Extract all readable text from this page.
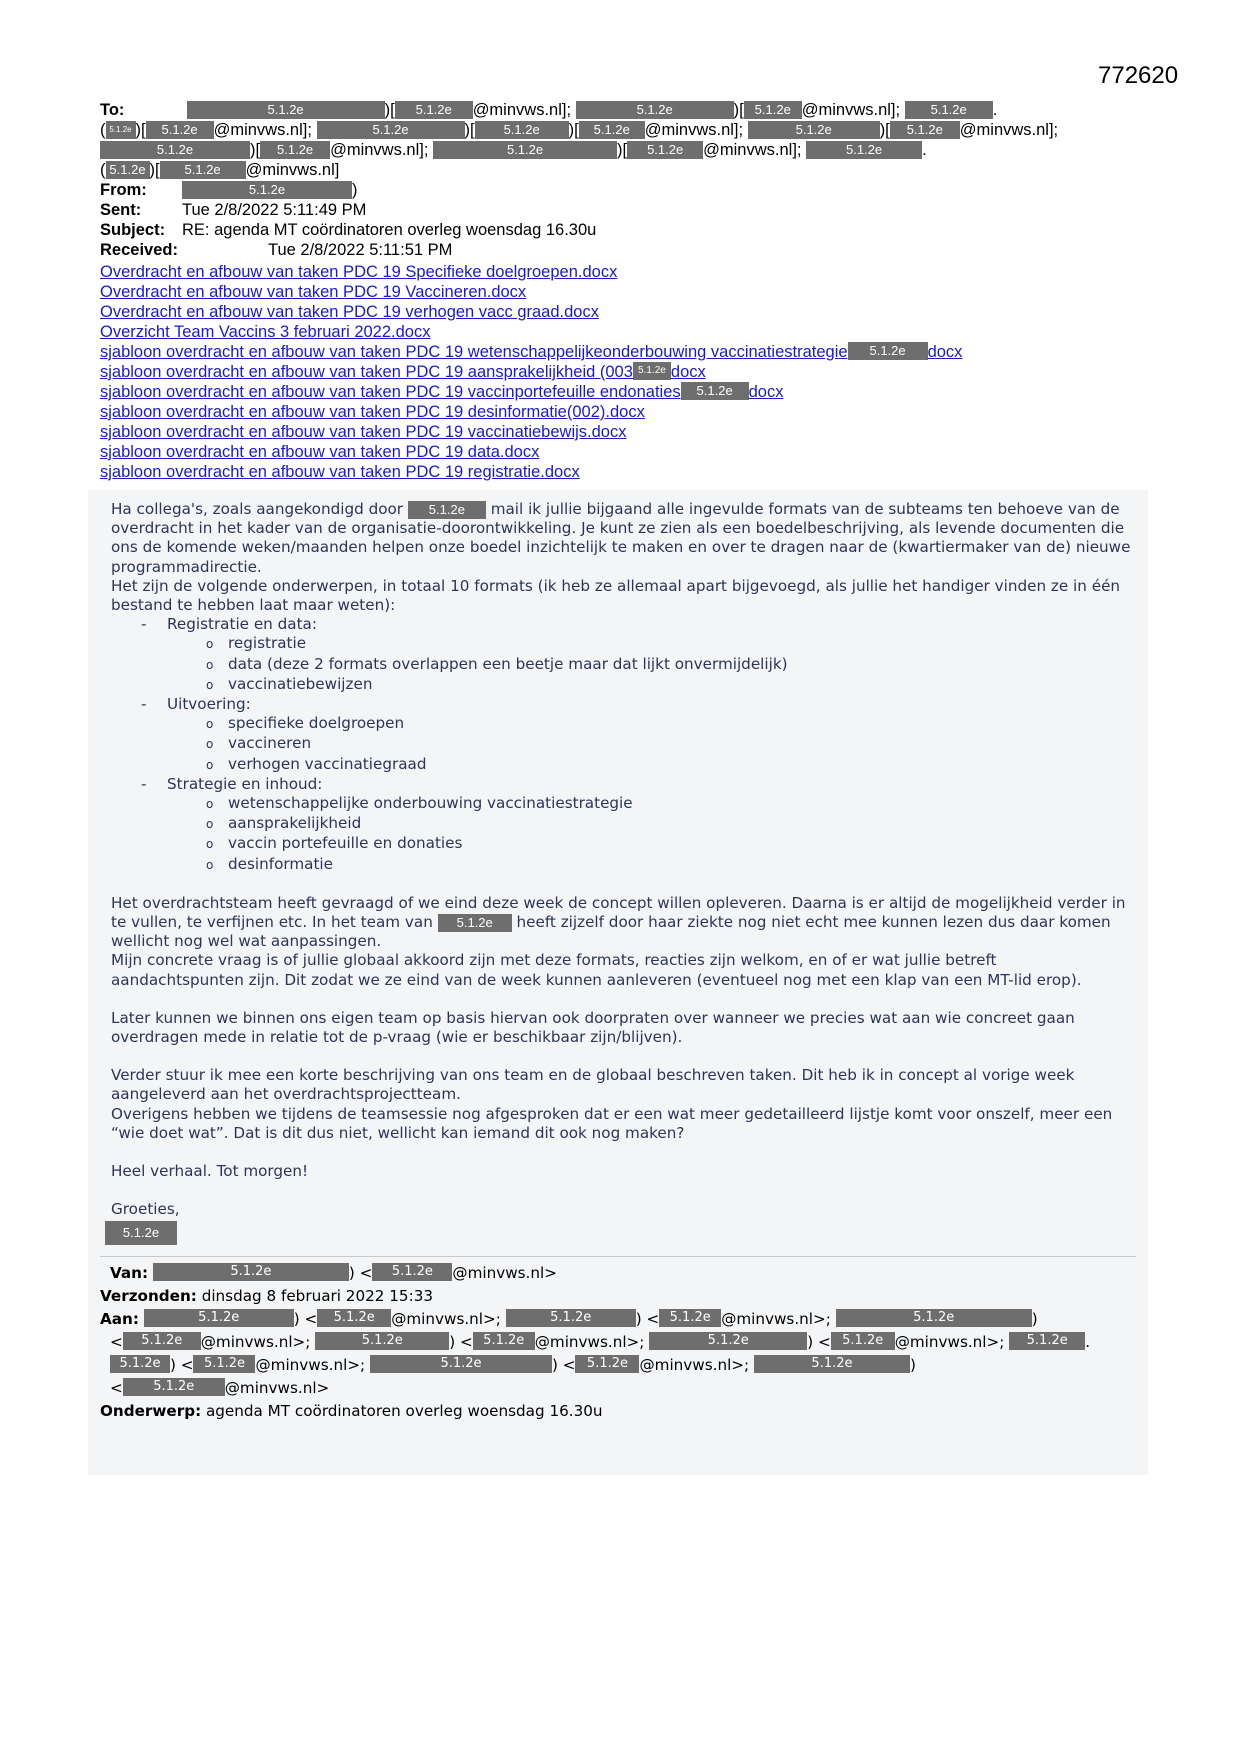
772620
To:	5.1.2e	)[ 5.1.2e @minvws.nl];	5.1.2e	)[ 5.1.2e @minvws.nl]; 5.1.2e .
( 5.1.2e )[ 5.1.2e @minvws.nl];	5.1.2e	)[ 5.1.2e )[ 5.1.2e @minvws.nl];	5.1.2e	)[ 5.1.2e @minvws.nl];
5.1.2e	)[ 5.1.2e @minvws.nl];	5.1.2e	)[ 5.1.2e @minvws.nl];	5.1.2e .
( 5.1.2e )[ 5.1.2e @minvws.nl]
From:	5.1.2e	)
Sent: Tue 2/8/2022 5:11:49 PM
Subject: RE: agenda MT coördinatoren overleg woensdag 16.30u
Received:	Tue 2/8/2022 5:11:51 PM
Overdracht en afbouw van taken PDC 19 Specifieke doelgroepen.docx
Overdracht en afbouw van taken PDC 19 Vaccineren.docx
Overdracht en afbouw van taken PDC 19 verhogen vacc graad.docx
Overzicht Team Vaccins 3 februari 2022.docx
sjabloon overdracht en afbouw van taken PDC 19 wetenschappelijkeonderbouwing vaccinatiestrategie 5.1.2e docx
sjabloon overdracht en afbouw van taken PDC 19 aansprakelijkheid (003 5.1.2e docx
sjabloon overdracht en afbouw van taken PDC 19 vaccinportefeuille endonaties 5.1.2e docx
sjabloon overdracht en afbouw van taken PDC 19 desinformatie(002).docx
sjabloon overdracht en afbouw van taken PDC 19 vaccinatiebewijs.docx
sjabloon overdracht en afbouw van taken PDC 19 data.docx
sjabloon overdracht en afbouw van taken PDC 19 registratie.docx

Ha collega's, zoals aangekondigd door 5.1.2e mail ik jullie bijgaand alle ingevulde formats van de subteams ten behoeve van de overdracht in het kader van de organisatie-doorontwikkeling. Je kunt ze zien als een boedelbeschrijving, als levende documenten die ons de komende weken/maanden helpen onze boedel inzichtelijk te maken en over te dragen naar de (kwartiermaker van de) nieuwe programmadirectie.

Het zijn de volgende onderwerpen, in totaal 10 formats (ik heb ze allemaal apart bijgevoegd, als jullie het handiger vinden ze in één bestand te hebben laat maar weten):

- Registratie en data:
o registratie
o data (deze 2 formats overlappen een beetje maar dat lijkt onvermijdelijk)
o vaccinatiebewijzen
- Uitvoering:
o specifieke doelgroepen
o vaccineren
o verhogen vaccinatiegraad
- Strategie en inhoud:
o wetenschappelijke onderbouwing vaccinatiestrategie
o aansprakelijkheid
o vaccin portefeuille en donaties
o desinformatie

Het overdrachtsteam heeft gevraagd of we eind deze week de concept willen opleveren. Daarna is er altijd de mogelijkheid verder in te vullen, te verfijnen etc. In het team van 5.1.2e heeft zijzelf door haar ziekte nog niet echt mee kunnen lezen dus daar komen wellicht nog wel wat aanpassingen.

Mijn concrete vraag is of jullie globaal akkoord zijn met deze formats, reacties zijn welkom, en of er wat jullie betreft aandachtspunten zijn. Dit zodat we ze eind van de week kunnen aanleveren (eventueel nog met een klap van een MT-lid erop).

Later kunnen we binnen ons eigen team op basis hiervan ook doorpraten over wanneer we precies wat aan wie concreet gaan overdragen mede in relatie tot de p-vraag (wie er beschikbaar zijn/blijven).

Verder stuur ik mee een korte beschrijving van ons team en de globaal beschreven taken. Dit heb ik in concept al vorige week aangeleverd aan het overdrachtsprojectteam.

Overigens hebben we tijdens de teamsessie nog afgesproken dat er een wat meer gedetailleerd lijstje komt voor onszelf, meer een “wie doet wat”. Dat is dit dus niet, wellicht kan iemand dit ook nog maken?

Heel verhaal. Tot morgen!

Groeties,

5.1.2e

Van:	5.1.2e	) < 5.1.2e @minvws.nl>
Verzonden: dinsdag 8 februari 2022 15:33
Aan:	5.1.2e	) < 5.1.2e @minvws.nl>;	5.1.2e	) < 5.1.2e @minvws.nl>;	5.1.2e	)
< 5.1.2e @minvws.nl>;	5.1.2e	) < 5.1.2e @minvws.nl>;	5.1.2e	) < 5.1.2e @minvws.nl>; 5.1.2e .
5.1.2e ) < 5.1.2e @minvws.nl>;	5.1.2e	) < 5.1.2e @minvws.nl>;	5.1.2e	)
< 5.1.2e @minvws.nl>
Onderwerp: agenda MT coördinatoren overleg woensdag 16.30u
